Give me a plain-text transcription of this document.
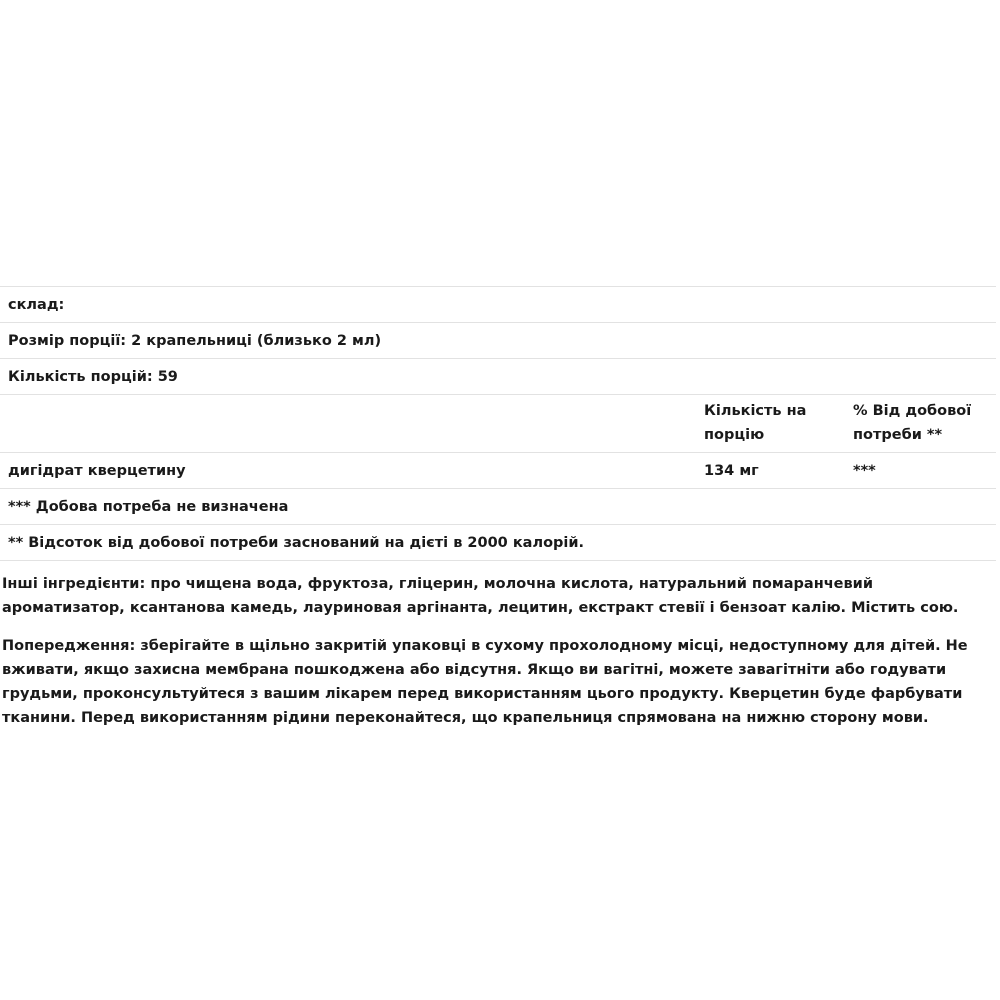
склад:
Розмір порції: 2 крапельниці (близько 2 мл)
Кількість порцій: 59
Кількість на порцію
% Від добової потреби **
дигідрат кверцетину	134 мг	***
*** Добова потреба не визначена
** Відсоток від добової потреби заснований на дієті в 2000 калорій.
Інші інгредієнти: про чищена вода, фруктоза, гліцерин, молочна кислота, натуральний помаранчевий ароматизатор, ксантанова камедь, лауриновая аргінанта, лецитин, екстракт стевії і бензоат калію. Містить сою.
Попередження: зберігайте в щільно закритій упаковці в сухому прохолодному місці, недоступному для дітей. Не вживати, якщо захисна мембрана пошкоджена або відсутня. Якщо ви вагітні, можете завагітніти або годувати грудьми, проконсультуйтеся з вашим лікарем перед використанням цього продукту. Кверцетин буде фарбувати тканини. Перед використанням рідини переконайтеся, що крапельниця спрямована на нижню сторону мови.
